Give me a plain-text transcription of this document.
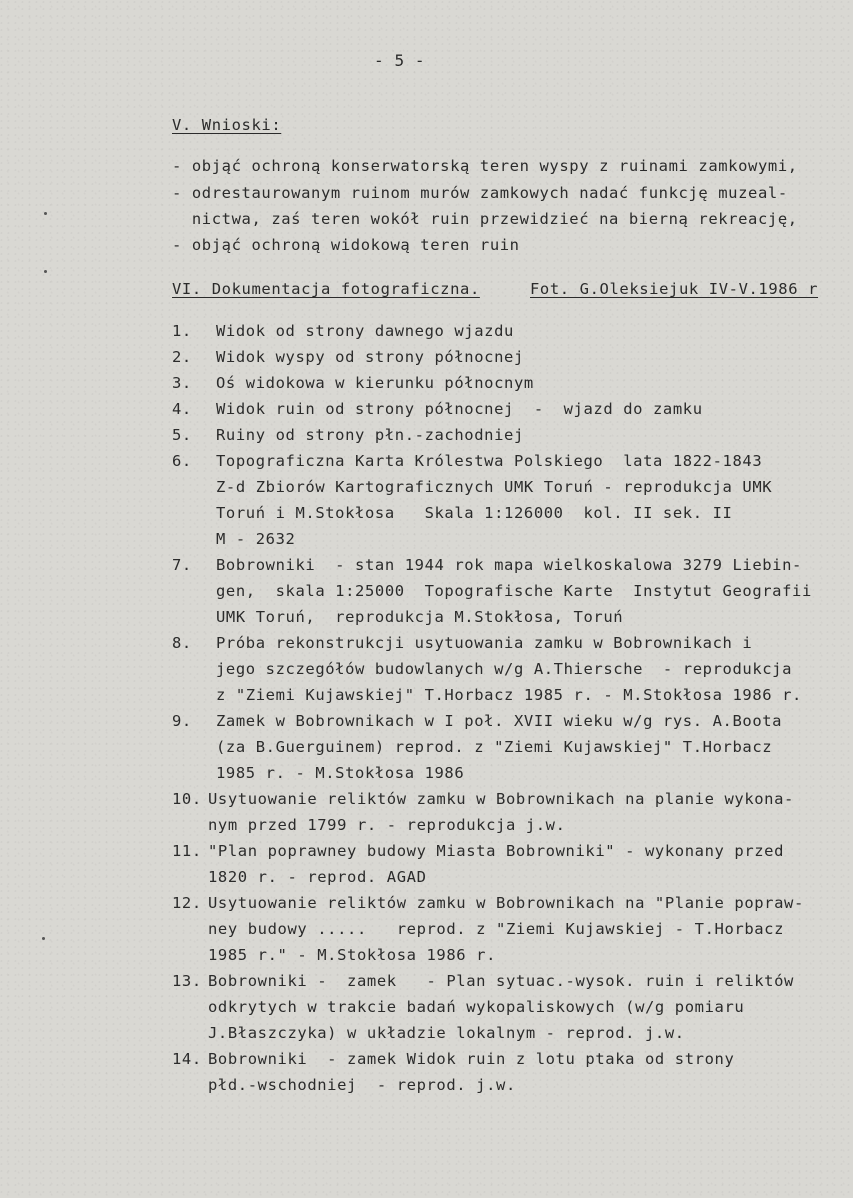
- 5 -
V. Wnioski:
- objąć ochroną konserwatorską teren wyspy z ruinami zamkowymi,
- odrestaurowanym ruinom murów zamkowych nadać funkcję muzeal-
nictwa, zaś teren wokół ruin przewidzieć na bierną rekreację,
- objąć ochroną widokową teren ruin
VI. Dokumentacja fotograficzna.	Fot. G.Oleksiejuk IV-V.1986 r
1. Widok od strony dawnego wjazdu
2. Widok wyspy od strony północnej
3. Oś widokowa w kierunku północnym
4. Widok ruin od strony północnej  -  wjazd do zamku
5. Ruiny od strony płn.-zachodniej
6. Topograficzna Karta Królestwa Polskiego  lata 1822-1843
Z-d Zbiorów Kartograficznych UMK Toruń - reprodukcja UMK
Toruń i M.Stokłosa   Skala 1:126000  kol. II sek. II
M - 2632
7. Bobrowniki  - stan 1944 rok mapa wielkoskalowa 3279 Liebin-
gen,  skala 1:25000  Topografische Karte  Instytut Geografii
UMK Toruń,  reprodukcja M.Stokłosa, Toruń
8. Próba rekonstrukcji usytuowania zamku w Bobrownikach i
jego szczegółów budowlanych w/g A.Thiersche  - reprodukcja
z "Ziemi Kujawskiej" T.Horbacz 1985 r. - M.Stokłosa 1986 r.
9. Zamek w Bobrownikach w I poł. XVII wieku w/g rys. A.Boota
(za B.Guerguinem) reprod. z "Ziemi Kujawskiej" T.Horbacz
1985 r. - M.Stokłosa 1986
10. Usytuowanie reliktów zamku w Bobrownikach na planie wykona-
nym przed 1799 r. - reprodukcja j.w.
11. "Plan poprawney budowy Miasta Bobrowniki" - wykonany przed
1820 r. - reprod. AGAD
12. Usytuowanie reliktów zamku w Bobrownikach na "Planie popraw-
ney budowy .....   reprod. z "Ziemi Kujawskiej - T.Horbacz
1985 r." - M.Stokłosa 1986 r.
13. Bobrowniki -  zamek   - Plan sytuac.-wysok. ruin i reliktów
odkrytych w trakcie badań wykopaliskowych (w/g pomiaru
J.Błaszczyka) w układzie lokalnym - reprod. j.w.
14. Bobrowniki  - zamek Widok ruin z lotu ptaka od strony
płd.-wschodniej  - reprod. j.w.
